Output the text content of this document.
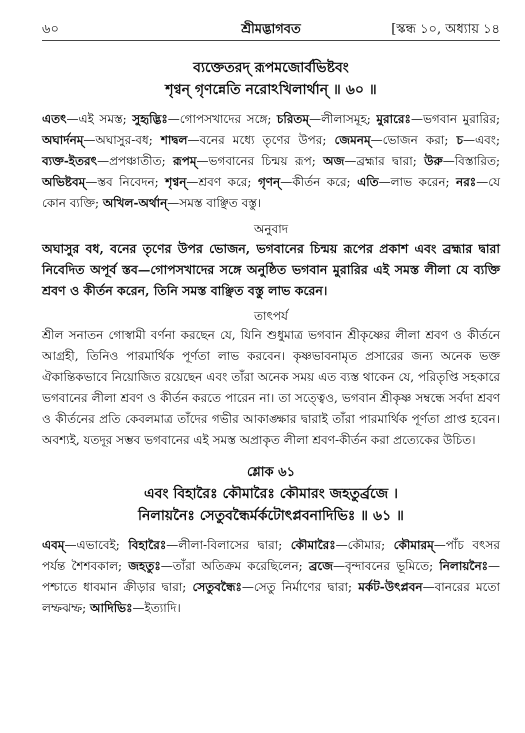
৬০	শ্রীমদ্ভাগবত	[স্কন্ধ ১০, অধ্যায় ১৪
ব্যক্তেতরদ্ রূপমজোর্বভিষ্টবং
শৃণ্বন্ গৃণন্নেতি নরোঽখিলার্থান্ ॥ ৬০ ॥
এতৎ—এই সমস্ত; সুহৃদ্ভিঃ—গোপসখাদের সঙ্গে; চরিতম্—লীলাসমূহ; মুরারেঃ—ভগবান মুরারির; অঘার্দনম্—অঘাসুর-বধ; শাদ্বল—বনের মধ্যে তৃণের উপর; জেমনম্—ভোজন করা; চ—এবং; ব্যক্ত-ইতরৎ—প্রপঞ্চাতীত; রূপম্—ভগবানের চিন্ময় রূপ; অজ—ব্রহ্মার দ্বারা; উরু—বিস্তারিত; অভিষ্টবম্—স্তব নিবেদন; শৃণ্বন্—শ্রবণ করে; গৃণন্—কীর্তন করে; এতি—লাভ করেন; নরঃ—যে কোন ব্যক্তি; অখিল-অর্থান্—সমস্ত বাঞ্ছিত বস্তু।
অনুবাদ
অঘাসুর বধ, বনের তৃণের উপর ভোজন, ভগবানের চিন্ময় রূপের প্রকাশ এবং ব্রহ্মার দ্বারা নিবেদিত অপূর্ব স্তব—গোপসখাদের সঙ্গে অনুষ্ঠিত ভগবান মুরারির এই সমস্ত লীলা যে ব্যক্তি শ্রবণ ও কীর্তন করেন, তিনি সমস্ত বাঞ্ছিত বস্তু লাভ করেন।
তাৎপর্য
শ্রীল সনাতন গোস্বামী বর্ণনা করছেন যে, যিনি শুধুমাত্র ভগবান শ্রীকৃষ্ণের লীলা শ্রবণ ও কীর্তনে আগ্রহী, তিনিও পারমার্থিক পূর্ণতা লাভ করবেন। কৃষ্ণভাবনামৃত প্রসারের জন্য অনেক ভক্ত ঐকান্তিকভাবে নিয়োজিত রয়েছেন এবং তাঁরা অনেক সময় এত ব্যস্ত থাকেন যে, পরিতৃপ্তি সহকারে ভগবানের লীলা শ্রবণ ও কীর্তন করতে পারেন না। তা সত্ত্বেও, ভগবান শ্রীকৃষ্ণ সম্বন্ধে সর্বদা শ্রবণ ও কীর্তনের প্রতি কেবলমাত্র তাঁদের গভীর আকাঙ্ক্ষার দ্বারাই তাঁরা পারমার্থিক পূর্ণতা প্রাপ্ত হবেন। অবশ্যই, যতদূর সম্ভব ভগবানের এই সমস্ত অপ্রাকৃত লীলা শ্রবণ-কীর্তন করা প্রত্যেকের উচিত।
শ্লোক ৬১
এবং বিহারৈঃ কৌমারৈঃ কৌমারং জহতুর্ব্রজে ।
নিলায়নৈঃ সেতুবন্ধৈর্মর্কটোৎপ্লবনাদিভিঃ ॥ ৬১ ॥
এবম্—এভাবেই; বিহারৈঃ—লীলা-বিলাসের দ্বারা; কৌমারৈঃ—কৌমার; কৌমারম্—পাঁচ বৎসর পর্যন্ত শৈশবকাল; জহতুঃ—তাঁরা অতিক্রম করেছিলেন; ব্রজে—বৃন্দাবনের ভূমিতে; নিলায়নৈঃ—পশ্চাতে ধাবমান ক্রীড়ার দ্বারা; সেতুবন্ধৈঃ—সেতু নির্মাণের দ্বারা; মর্কট-উৎপ্লবন—বানরের মতো লম্ফঝম্ফ; আদিভিঃ—ইত্যাদি।
